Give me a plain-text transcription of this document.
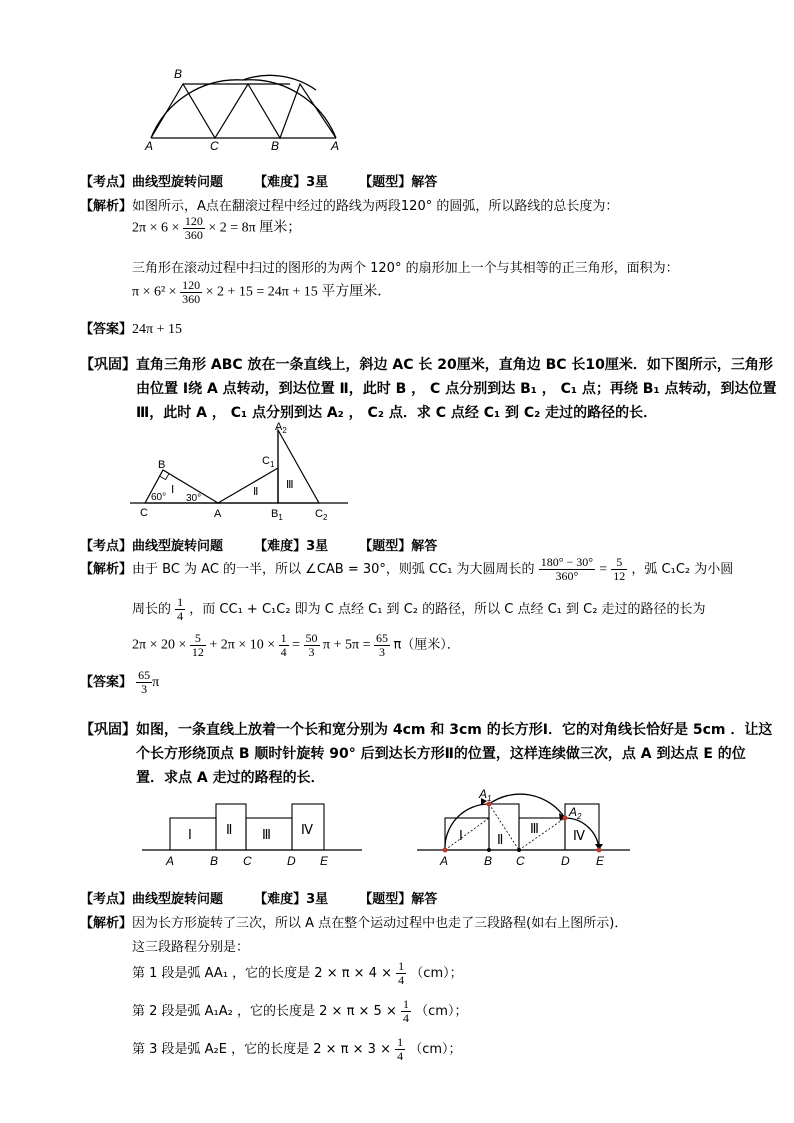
B
A	C	B	A
【考点】曲线型旋转问题 【难度】3星 【题型】解答
【解析】如图所示，A点在翻滚过程中经过的路线为两段120° 的圆弧，所以路线的总长度为：
$2\pi \times 6 \times \frac{120}{360} \times 2 = 8\pi$ 厘米；
三角形在滚动过程中扫过的图形的为两个 120° 的扇形加上一个与其相等的正三角形，面积为：
$\pi \times 6^2 \times \frac{120}{360} \times 2 + 15 = 24\pi + 15$ 平方厘米．
【答案】24π + 15
【巩固】直角三角形 ABC 放在一条直线上，斜边 AC 长 20厘米，直角边 BC 长10厘米．如下图所示，三角形
由位置 Ⅰ绕 A 点转动，到达位置 Ⅱ，此时 B ， C 点分别到达 B₁ ， C₁ 点；再绕 B₁ 点转动，到达位置
Ⅲ，此时 A ， C₁ 点分别到达 A₂ ， C₂ 点．求 C 点经 C₁ 到 C₂ 走过的路径的长．
$A_2$
B	$C_1$
Ⅰ	Ⅱ
Ⅲ
60° 30°
C	A	$B_1$	$C_2$
【考点】曲线型旋转问题 【难度】3星 【题型】解答
【解析】由于 BC 为 AC 的一半，所以 ∠CAB = 30°，则弧 CC₁ 为大圆周长的 $\frac{180^\circ - 30^\circ}{360^\circ} = \frac{5}{12}$ ，弧 C₁C₂ 为小圆
周长的 $\frac{1}{4}$ ，而 CC₁ + C₁C₂ 即为 C 点经 C₁ 到 C₂ 的路径，所以 C 点经 C₁ 到 C₂ 走过的路径的长为
$2\pi \times 20 \times \frac{5}{12} + 2\pi \times 10 \times \frac{1}{4} = \frac{50}{3}$ $\pi + 5\pi = \frac{65}{3} \pi$（厘米）．
【答案】 $\frac{65}{3}$ π
【巩固】如图，一条直线上放着一个长和宽分别为 4cm 和 3cm 的长方形Ⅰ．它的对角线长恰好是 5cm ．让这
个长方形绕顶点 B 顺时针旋转 90° 后到达长方形Ⅱ的位置，这样连续做三次，点 A 到达点 E 的位
置．求点 A 走过的路程的长．
Ⅰ	Ⅱ Ⅲ Ⅳ
A	B C	D E
Ⅰ	Ⅱ
Ⅲ	Ⅳ
$A_1$
$A_2$
A	B C	D E
【考点】曲线型旋转问题 【难度】3星 【题型】解答
【解析】因为长方形旋转了三次，所以 A 点在整个运动过程中也走了三段路程(如右上图所示)．
这三段路程分别是：
第 1 段是弧 AA₁ ，它的长度是 $2 \times \pi \times 4 \times \frac{1}{4} (cm)$；
第 2 段是弧 A₁A₂ ，它的长度是 $2 \times \pi \times 5 \times \frac{1}{4} (cm)$；
第 3 段是弧 A₂E ，它的长度是 $2 \times \pi \times 3 \times \frac{1}{4} (cm)$；
